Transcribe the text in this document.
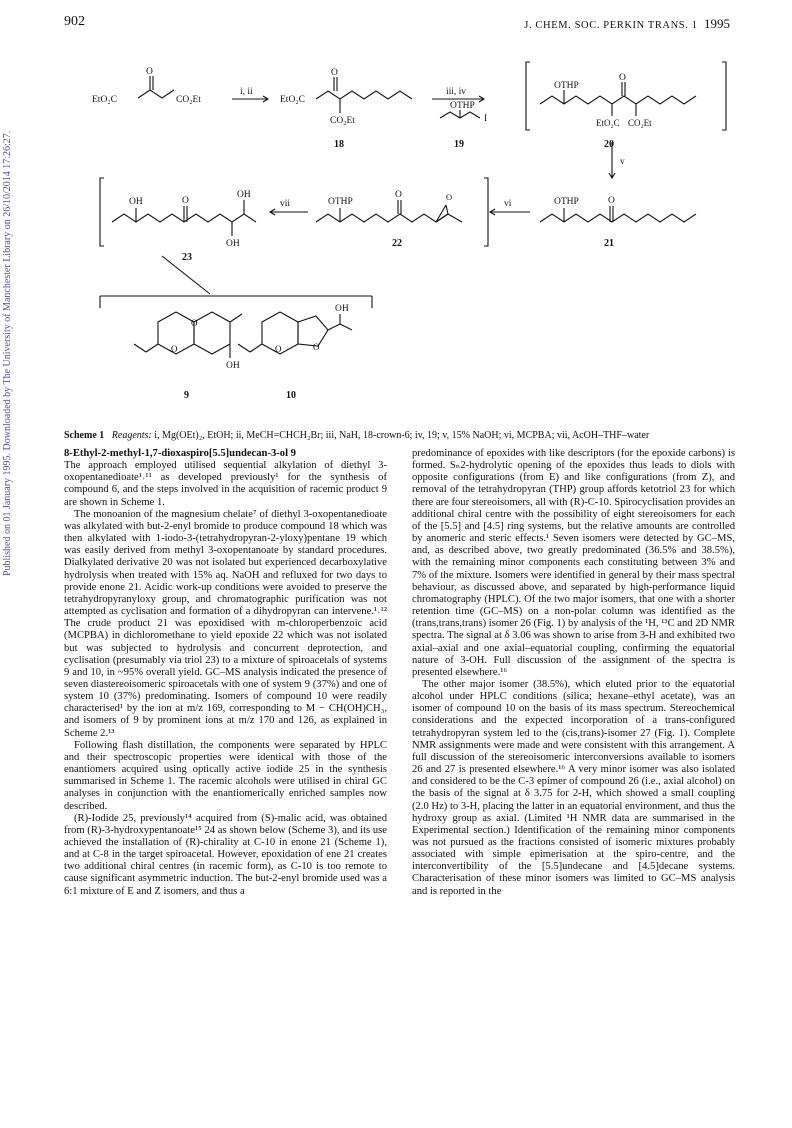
902	J. CHEM. SOC. PERKIN TRANS. 1 1995
Published on 01 January 1995. Downloaded by The University of Manchester Library on 26/10/2014 17:26:27.
EtO₂C	CO₂Et
O
i, ii
EtO₂C
O
CO₂Et
18
iii, iv
OTHP
I
19
OTHP
O
EtO₂C CO₂Et
20
v
OTHP	O
21
vi
OTHP
O	O
22
vii
OH	O
OH
OH
23
O
O
OH
9
O	O
OH
10
Scheme 1 Reagents: i, Mg(OEt)₂, EtOH; ii, MeCH=CHCH₂Br; iii, NaH, 18-crown-6; iv, 19; v, 15% NaOH; vi, MCPBA; vii, AcOH–THF–water
8-Ethyl-2-methyl-1,7-dioxaspiro[5.5]undecan-3-ol 9

The approach employed utilised sequential alkylation of diethyl 3-oxopentanedioate¹˒¹¹ as developed previously¹ for the synthesis of compound 6, and the steps involved in the acquisition of racemic product 9 are shown in Scheme 1.

The monoanion of the magnesium chelate⁷ of diethyl 3-oxopentanedioate was alkylated with but-2-enyl bromide to produce compound 18 which was then alkylated with 1-iodo-3-(tetrahydropyran-2-yloxy)pentane 19 which was easily derived from methyl 3-oxopentanoate by standard procedures. Dialkylated derivative 20 was not isolated but experienced decarboxylative hydrolysis when treated with 15% aq. NaOH and refluxed for two days to provide enone 21. Acidic work-up conditions were avoided to preserve the tetrahydropyranyloxy group, and chromatographic purification was not attempted as cyclisation and formation of a dihydropyran can intervene.¹˒¹² The crude product 21 was epoxidised with m-chloroperbenzoic acid (MCPBA) in dichloromethane to yield epoxide 22 which was not isolated but was subjected to hydrolysis and concurrent deprotection, and cyclisation (presumably via triol 23) to a mixture of spiroacetals of systems 9 and 10, in ~95% overall yield. GC–MS analysis indicated the presence of seven diastereoisomeric spiroacetals with one of system 9 (37%) and one of system 10 (37%) predominating. Isomers of compound 10 were readily characterised¹ by the ion at m/z 169, corresponding to M − CH(OH)CH₃, and isomers of 9 by prominent ions at m/z 170 and 126, as explained in Scheme 2.¹³

Following flash distillation, the components were separated by HPLC and their spectroscopic properties were identical with those of the enantiomers acquired using optically active iodide 25 in the synthesis summarised in Scheme 1. The racemic alcohols were utilised in chiral GC analyses in conjunction with the enantiomerically enriched samples now described.

(R)-Iodide 25, previously¹⁴ acquired from (S)-malic acid, was obtained from (R)-3-hydroxypentanoate¹⁵ 24 as shown below (Scheme 3), and its use achieved the installation of (R)-chirality at C-10 in enone 21 (Scheme 1), and at C-8 in the target spiroacetal. However, epoxidation of ene 21 creates two additional chiral centres (in racemic form), as C-10 is too remote to cause significant asymmetric induction. The but-2-enyl bromide used was a 6:1 mixture of E and Z isomers, and thus a

predominance of epoxides with like descriptors (for the epoxide carbons) is formed. Sₙ2-hydrolytic opening of the epoxides thus leads to diols with opposite configurations (from E) and like configurations (from Z), and removal of the tetrahydropyran (THP) group affords ketotriol 23 for which there are four stereoisomers, all with (R)-C-10. Spirocyclisation provides an additional chiral centre with the possibility of eight stereoisomers for each of the [5.5] and [4.5] ring systems, but the relative amounts are controlled by anomeric and steric effects.¹ Seven isomers were detected by GC–MS, and, as described above, two greatly predominated (36.5% and 38.5%), with the remaining minor components each constituting between 3% and 7% of the mixture. Isomers were identified in general by their mass spectral behaviour, as discussed above, and separated by high-performance liquid chromatography (HPLC). Of the two major isomers, that one with a shorter retention time (GC–MS) on a non-polar column was identified as the (trans,trans,trans) isomer 26 (Fig. 1) by analysis of the ¹H, ¹³C and 2D NMR spectra. The signal at δ 3.06 was shown to arise from 3-H and exhibited two axial–axial and one axial–equatorial coupling, confirming the equatorial nature of 3-OH. Full discussion of the assignment of the spectra is presented elsewhere.¹⁶

The other major isomer (38.5%), which eluted prior to the equatorial alcohol under HPLC conditions (silica; hexane–ethyl acetate), was an isomer of compound 10 on the basis of its mass spectrum. Stereochemical considerations and the expected incorporation of a trans-configured tetrahydropyran system led to the (cis,trans)-isomer 27 (Fig. 1). Complete NMR assignments were made and were consistent with this arrangement. A full discussion of the stereoisomeric interconversions available to isomers 26 and 27 is presented elsewhere.¹⁶ A very minor isomer was also isolated and considered to be the C-3 epimer of compound 26 (i.e., axial alcohol) on the basis of the signal at δ 3.75 for 2-H, which showed a small coupling (2.0 Hz) to 3-H, placing the latter in an equatorial environment, and thus the hydroxy group as axial. (Limited ¹H NMR data are summarised in the Experimental section.) Identification of the remaining minor components was not pursued as the fractions consisted of isomeric mixtures probably associated with simple epimerisation at the spiro-centre, and the interconvertibility of the [5.5]undecane and [4.5]decane systems. Characterisation of these minor isomers was limited to GC–MS analysis and is reported in the
